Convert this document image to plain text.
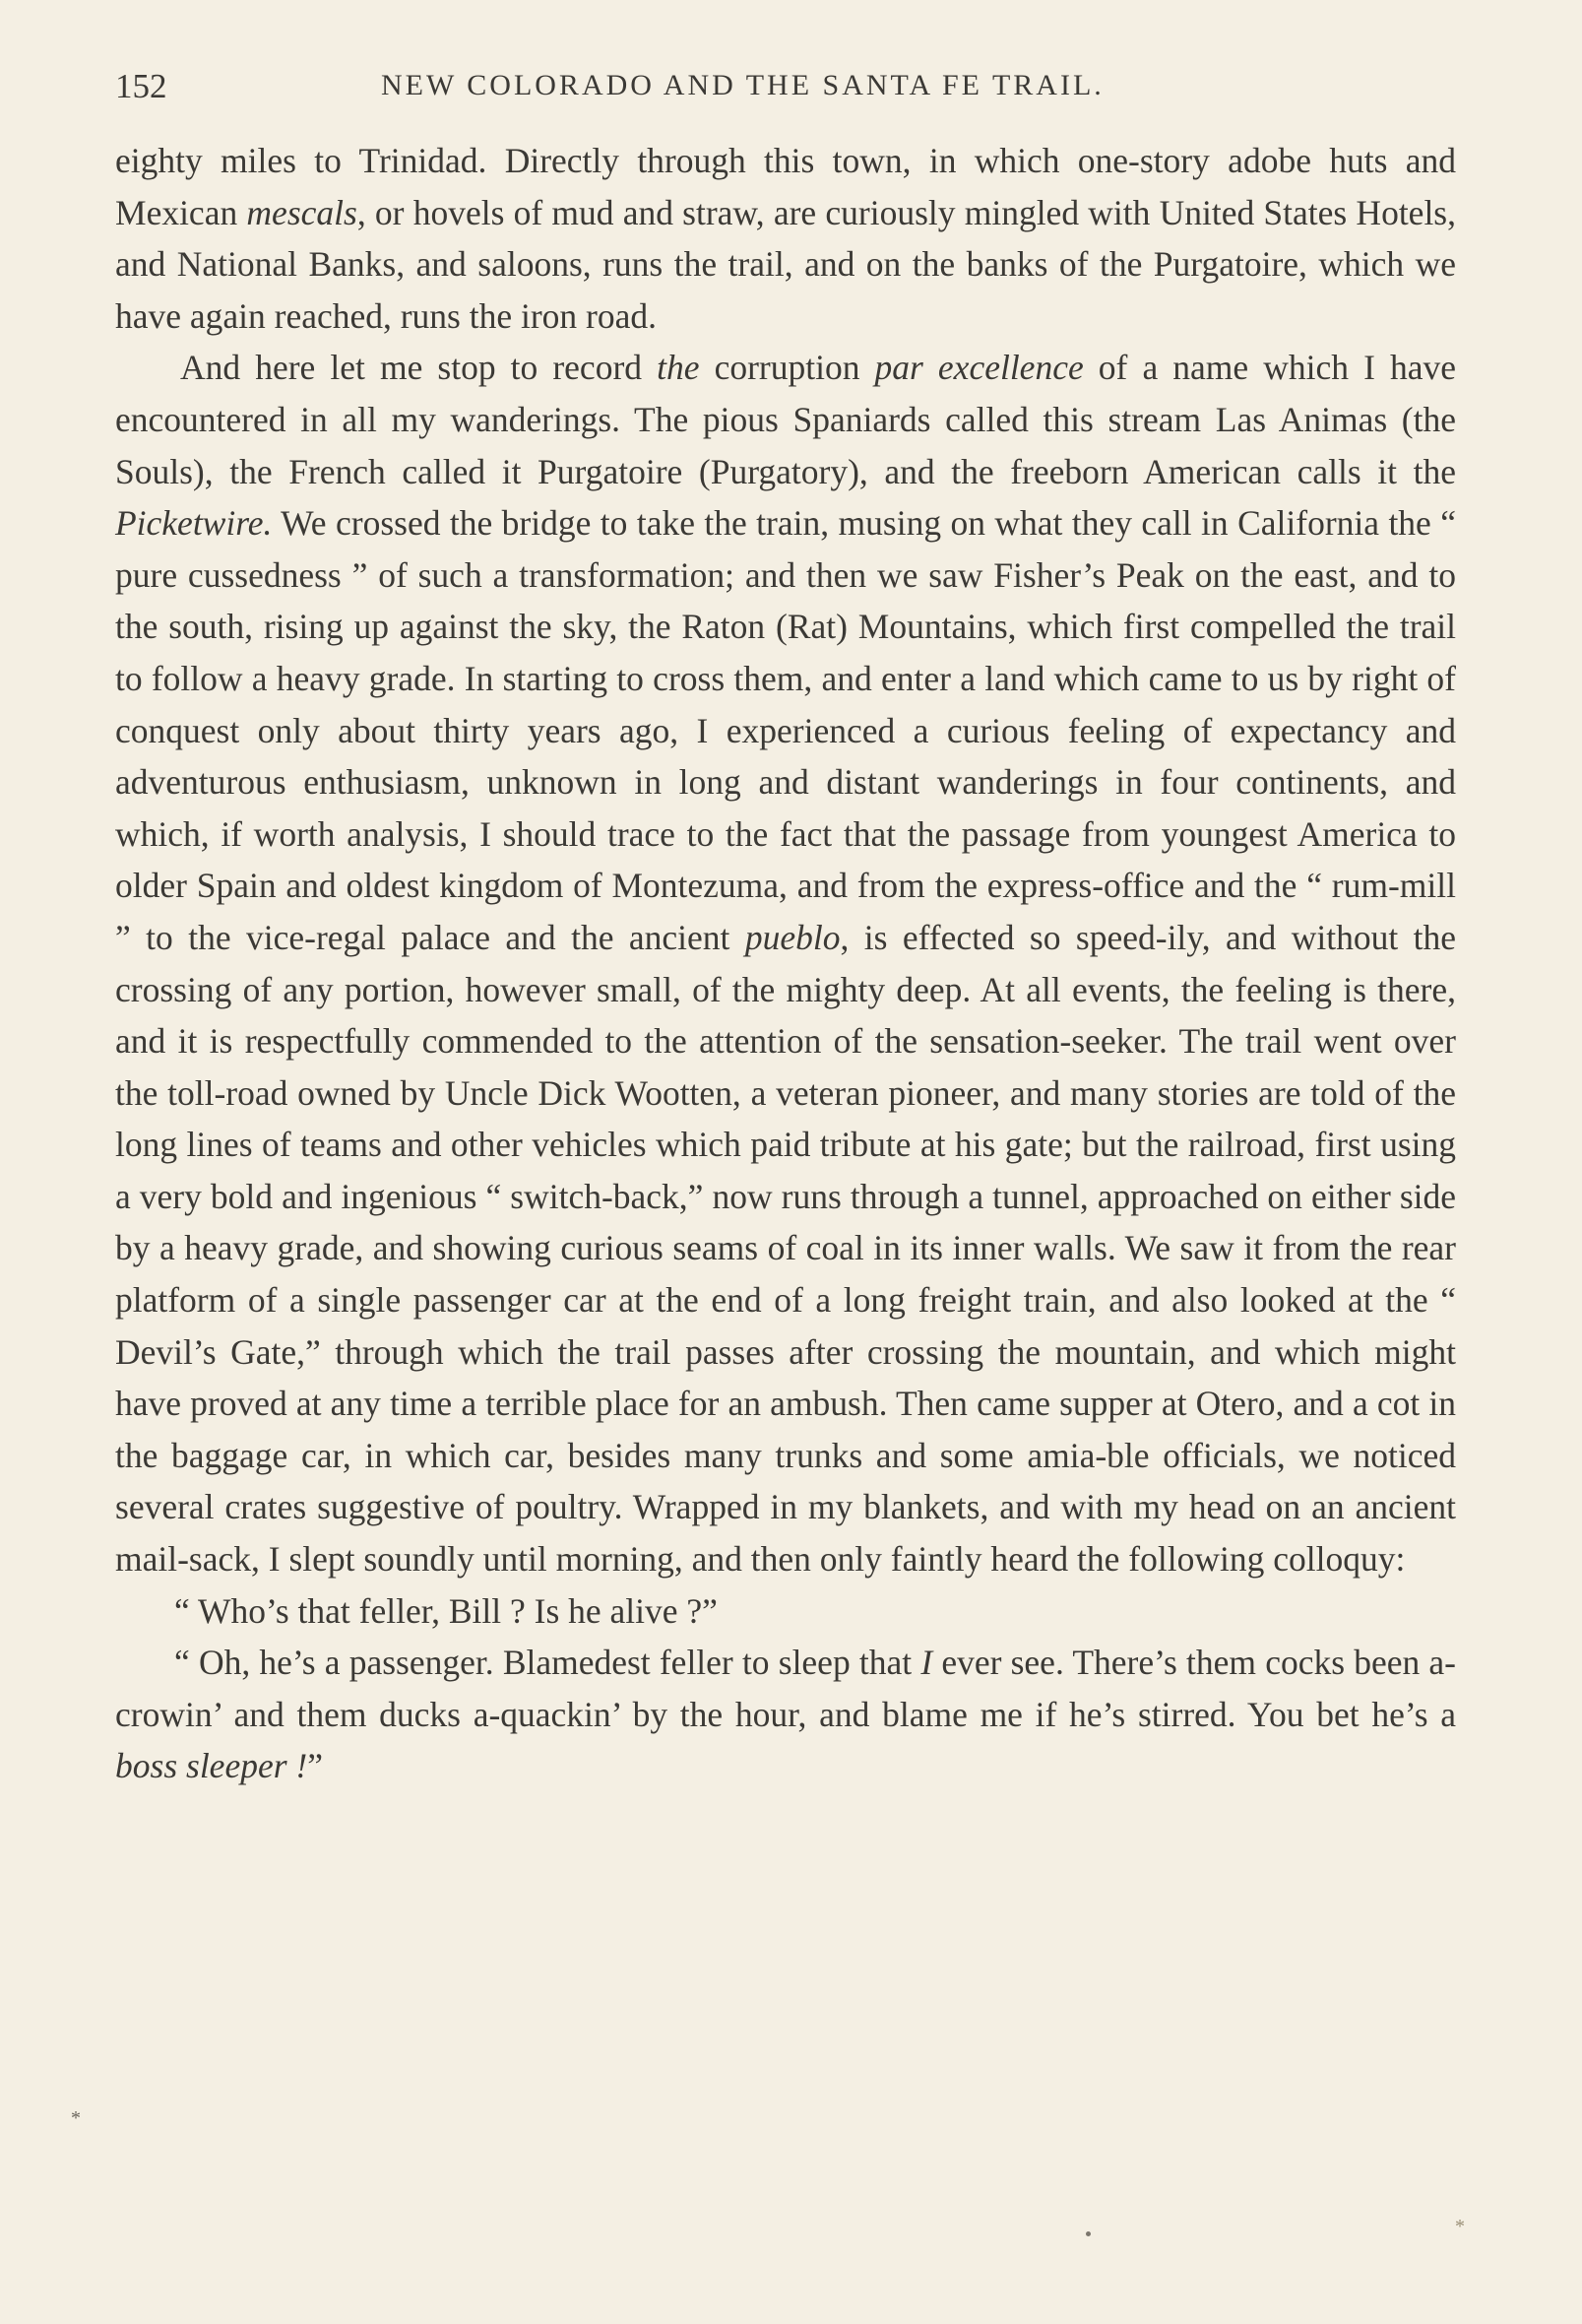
152	NEW COLORADO AND THE SANTA FE TRAIL.

eighty miles to Trinidad. Directly through this town, in which one-story adobe huts and Mexican mescals, or hovels of mud and straw, are curiously mingled with United States Hotels, and National Banks, and saloons, runs the trail, and on the banks of the Purgatoire, which we have again reached, runs the iron road.

And here let me stop to record the corruption par excellence of a name which I have encountered in all my wanderings. The pious Spaniards called this stream Las Animas (the Souls), the French called it Purgatoire (Purgatory), and the freeborn American calls it the Picketwire. We crossed the bridge to take the train, musing on what they call in California the “ pure cussedness ” of such a transformation; and then we saw Fisher’s Peak on the east, and to the south, rising up against the sky, the Raton (Rat) Mountains, which first compelled the trail to follow a heavy grade. In starting to cross them, and enter a land which came to us by right of conquest only about thirty years ago, I experienced a curious feeling of expectancy and adventurous enthusiasm, unknown in long and distant wanderings in four continents, and which, if worth analysis, I should trace to the fact that the passage from youngest America to older Spain and oldest kingdom of Montezuma, and from the express-office and the “ rum-mill ” to the vice-regal palace and the ancient pueblo, is effected so speed-ily, and without the crossing of any portion, however small, of the mighty deep. At all events, the feeling is there, and it is respectfully commended to the attention of the sensation-seeker. The trail went over the toll-road owned by Uncle Dick Wootten, a veteran pioneer, and many stories are told of the long lines of teams and other vehicles which paid tribute at his gate; but the railroad, first using a very bold and ingenious “ switch-back,” now runs through a tunnel, approached on either side by a heavy grade, and showing curious seams of coal in its inner walls. We saw it from the rear platform of a single passenger car at the end of a long freight train, and also looked at the “ Devil’s Gate,” through which the trail passes after crossing the mountain, and which might have proved at any time a terrible place for an ambush. Then came supper at Otero, and a cot in the baggage car, in which car, besides many trunks and some amia-ble officials, we noticed several crates suggestive of poultry. Wrapped in my blankets, and with my head on an ancient mail-sack, I slept soundly until morning, and then only faintly heard the following colloquy:

“ Who’s that feller, Bill ? Is he alive ?”

“ Oh, he’s a passenger. Blamedest feller to sleep that I ever see. There’s them cocks been a-crowin’ and them ducks a-quackin’ by the hour, and blame me if he’s stirred. You bet he’s a boss sleeper !”

*
*
